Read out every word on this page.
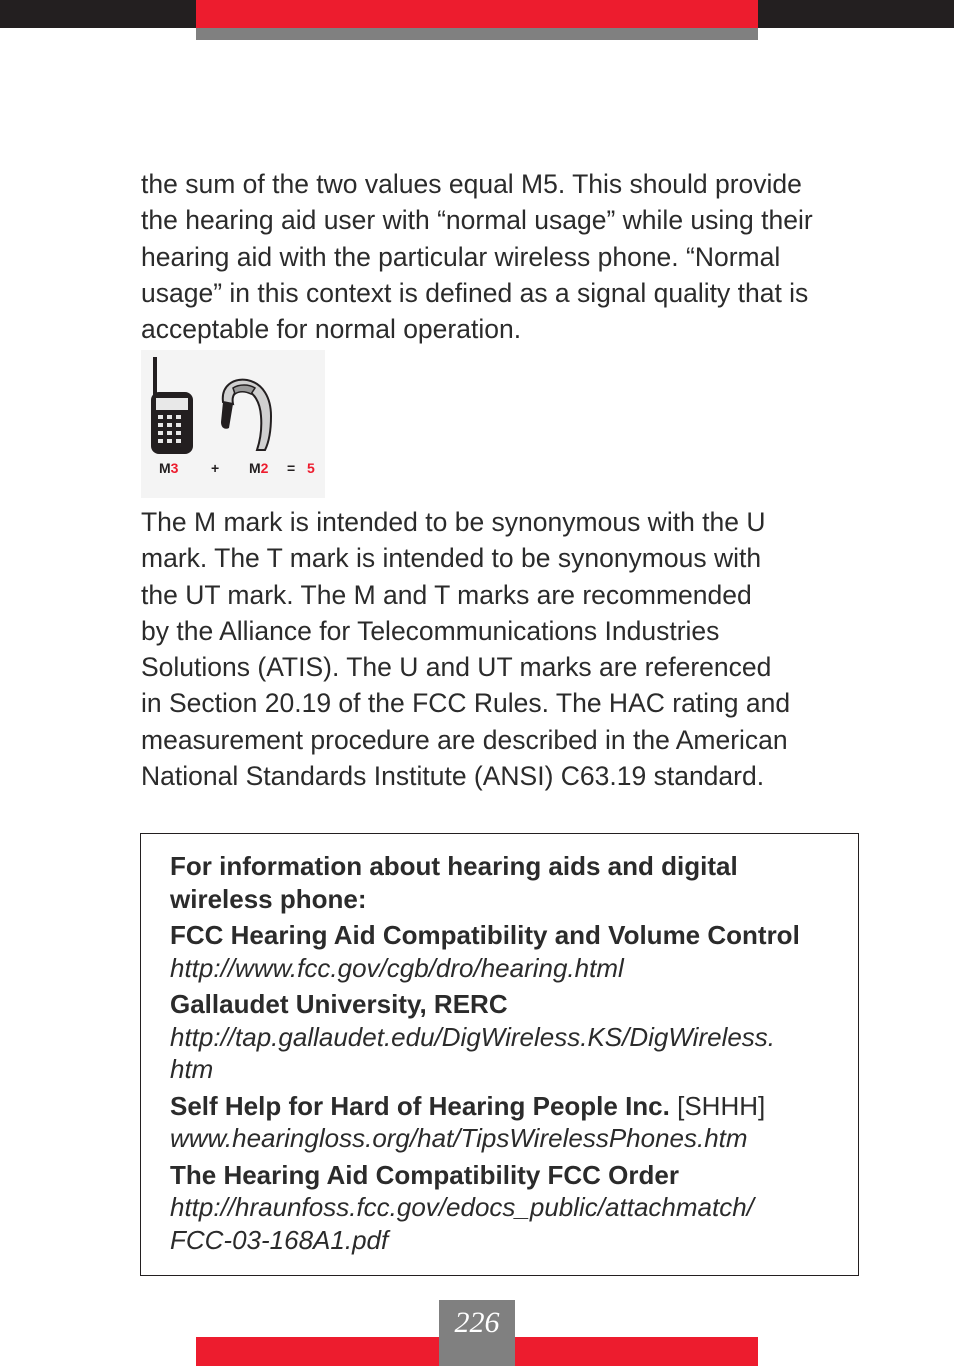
the sum of the two values equal M5. This should provide
the hearing aid user with “normal usage” while using their
hearing aid with the particular wireless phone. “Normal
usage” in this context is defined as a signal quality that is
acceptable for normal operation.

M3 + M2 = 5

The M mark is intended to be synonymous with the U
mark. The T mark is intended to be synonymous with
the UT mark. The M and T marks are recommended
by the Alliance for Telecommunications Industries
Solutions (ATIS). The U and UT marks are referenced
in Section 20.19 of the FCC Rules. The HAC rating and
measurement procedure are described in the American
National Standards Institute (ANSI) C63.19 standard.

For information about hearing aids and digital
wireless phone:
FCC Hearing Aid Compatibility and Volume Control
http://www.fcc.gov/cgb/dro/hearing.html
Gallaudet University, RERC
http://tap.gallaudet.edu/DigWireless.KS/DigWireless.
htm
Self Help for Hard of Hearing People Inc. [SHHH]
www.hearingloss.org/hat/TipsWirelessPhones.htm
The Hearing Aid Compatibility FCC Order
http://hraunfoss.fcc.gov/edocs_public/attachmatch/
FCC-03-168A1.pdf
226
